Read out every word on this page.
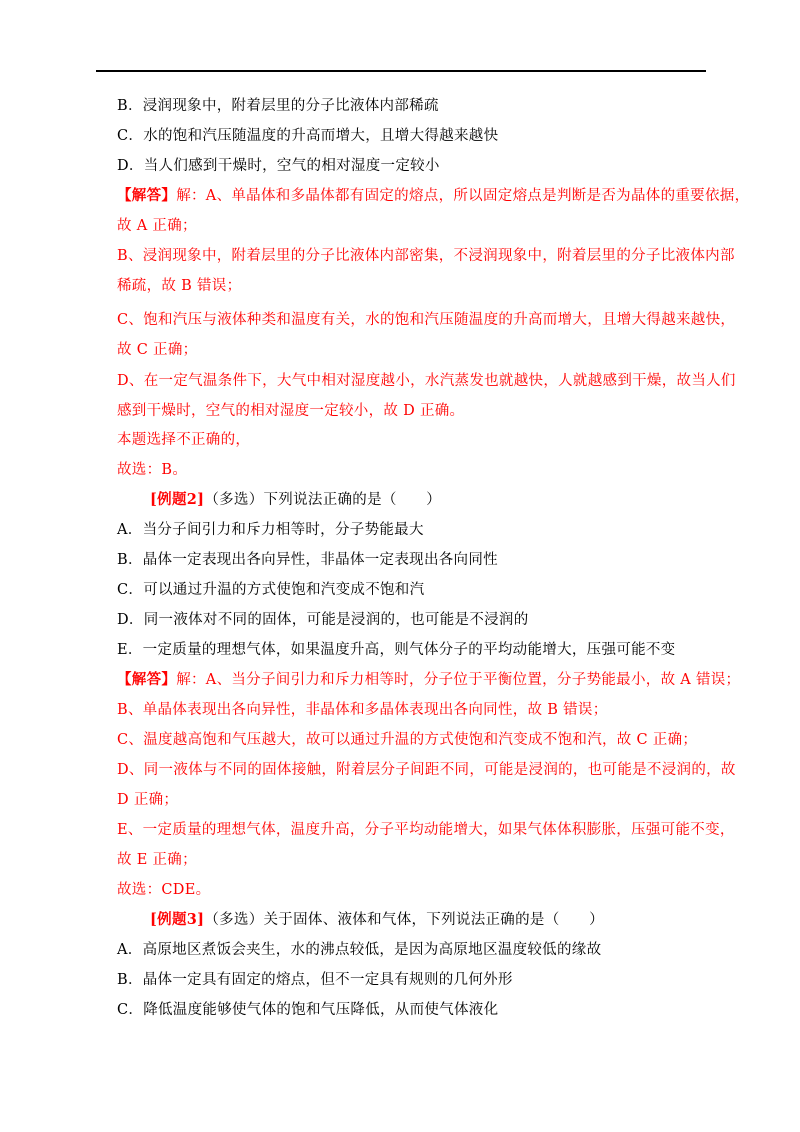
B．浸润现象中，附着层里的分子比液体内部稀疏
C．水的饱和汽压随温度的升高而增大，且增大得越来越快
D．当人们感到干燥时，空气的相对湿度一定较小
【解答】解：A、单晶体和多晶体都有固定的熔点，所以固定熔点是判断是否为晶体的重要依据，
故 A 正确；
B、浸润现象中，附着层里的分子比液体内部密集，不浸润现象中，附着层里的分子比液体内部
稀疏，故 B 错误；
C、饱和汽压与液体种类和温度有关，水的饱和汽压随温度的升高而增大，且增大得越来越快，
故 C 正确；
D、在一定气温条件下，大气中相对湿度越小，水汽蒸发也就越快，人就越感到干燥，故当人们
感到干燥时，空气的相对湿度一定较小，故 D 正确。
本题选择不正确的，
故选：B。
[例题2]（多选）下列说法正确的是（　　）
A．当分子间引力和斥力相等时，分子势能最大
B．晶体一定表现出各向异性，非晶体一定表现出各向同性
C．可以通过升温的方式使饱和汽变成不饱和汽
D．同一液体对不同的固体，可能是浸润的，也可能是不浸润的
E．一定质量的理想气体，如果温度升高，则气体分子的平均动能增大，压强可能不变
【解答】解：A、当分子间引力和斥力相等时，分子位于平衡位置，分子势能最小，故 A 错误；
B、单晶体表现出各向异性，非晶体和多晶体表现出各向同性，故 B 错误；
C、温度越高饱和气压越大，故可以通过升温的方式使饱和汽变成不饱和汽，故 C 正确；
D、同一液体与不同的固体接触，附着层分子间距不同，可能是浸润的，也可能是不浸润的，故
D 正确；
E、一定质量的理想气体，温度升高，分子平均动能增大，如果气体体积膨胀，压强可能不变，
故 E 正确；
故选：CDE。
[例题3]（多选）关于固体、液体和气体，下列说法正确的是（　　）
A．高原地区煮饭会夹生，水的沸点较低，是因为高原地区温度较低的缘故
B．晶体一定具有固定的熔点，但不一定具有规则的几何外形
C．降低温度能够使气体的饱和气压降低，从而使气体液化
